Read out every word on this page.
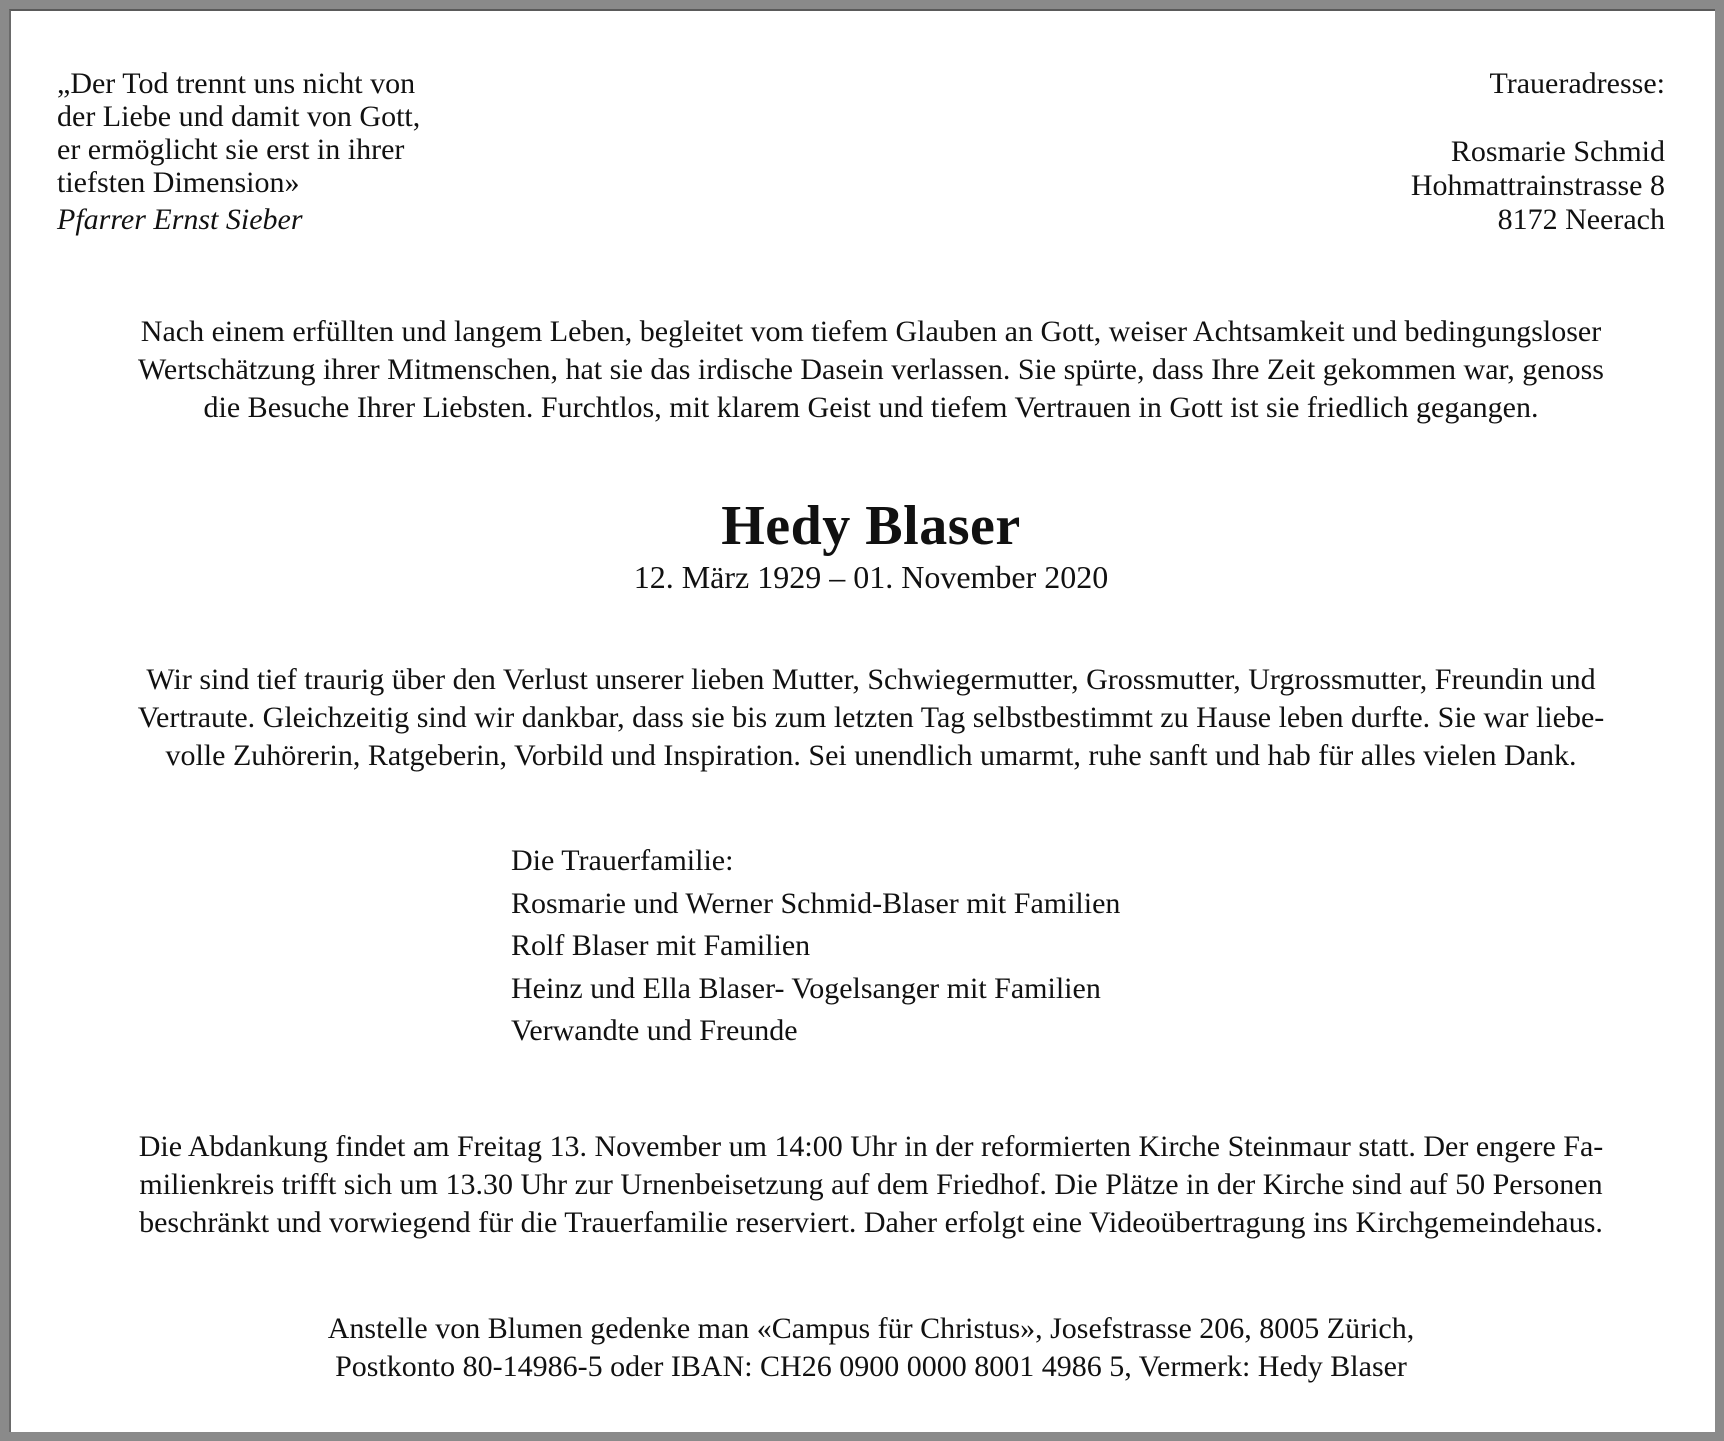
„Der Tod trennt uns nicht von
der Liebe und damit von Gott,
er ermöglicht sie erst in ihrer
tiefsten Dimension»
Pfarrer Ernst Sieber
Traueradresse:
Rosmarie Schmid
Hohmattrainstrasse 8
8172 Neerach
Nach einem erfüllten und langem Leben, begleitet vom tiefem Glauben an Gott, weiser Achtsamkeit und bedingungsloser
Wertschätzung ihrer Mitmenschen, hat sie das irdische Dasein verlassen. Sie spürte, dass Ihre Zeit gekommen war, genoss
die Besuche Ihrer Liebsten. Furchtlos, mit klarem Geist und tiefem Vertrauen in Gott ist sie friedlich gegangen.
Hedy Blaser
12. März 1929 – 01. November 2020
Wir sind tief traurig über den Verlust unserer lieben Mutter, Schwiegermutter, Grossmutter, Urgrossmutter, Freundin und
Vertraute. Gleichzeitig sind wir dankbar, dass sie bis zum letzten Tag selbstbestimmt zu Hause leben durfte. Sie war liebe-
volle Zuhörerin, Ratgeberin, Vorbild und Inspiration. Sei unendlich umarmt, ruhe sanft und hab für alles vielen Dank.
Die Trauerfamilie:
Rosmarie und Werner Schmid-Blaser mit Familien
Rolf Blaser mit Familien
Heinz und Ella Blaser- Vogelsanger mit Familien
Verwandte und Freunde
Die Abdankung findet am Freitag 13. November um 14:00 Uhr in der reformierten Kirche Steinmaur statt. Der engere Fa-
milienkreis trifft sich um 13.30 Uhr zur Urnenbeisetzung auf dem Friedhof. Die Plätze in der Kirche sind auf 50 Personen
beschränkt und vorwiegend für die Trauerfamilie reserviert. Daher erfolgt eine Videoübertragung ins Kirchgemeindehaus.
Anstelle von Blumen gedenke man «Campus für Christus», Josefstrasse 206, 8005 Zürich,
Postkonto 80-14986-5 oder IBAN: CH26 0900 0000 8001 4986 5, Vermerk: Hedy Blaser
